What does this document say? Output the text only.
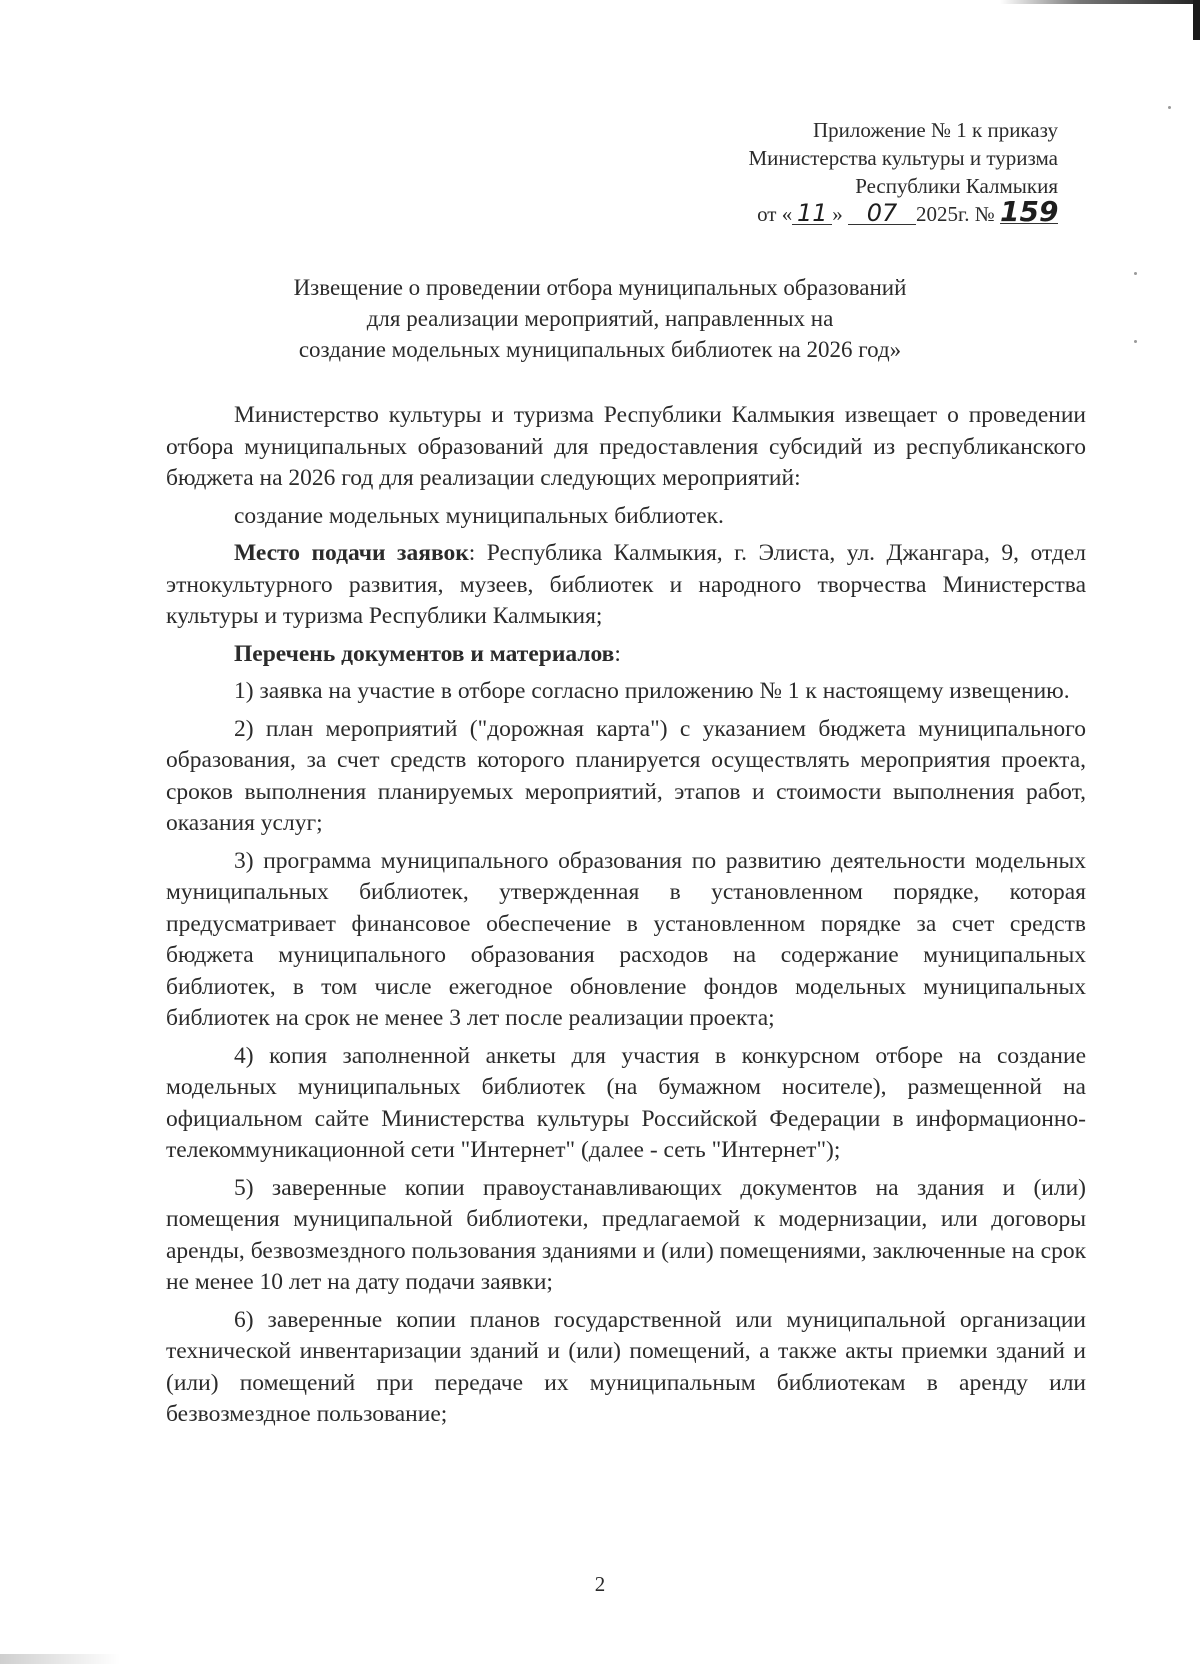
Приложение № 1 к приказу
Министерства культуры и туризма
Республики Калмыкия
от « 11 » 07 2025г. № 159
Извещение о проведении отбора муниципальных образований
для реализации мероприятий, направленных на
создание модельных муниципальных библиотек на 2026 год»

Министерство культуры и туризма Республики Калмыкия извещает о проведении отбора муниципальных образований для предоставления субсидий из республиканского бюджета на 2026 год для реализации следующих мероприятий:

создание модельных муниципальных библиотек.

Место подачи заявок: Республика Калмыкия, г. Элиста, ул. Джангара, 9, отдел этнокультурного развития, музеев, библиотек и народного творчества Министерства культуры и туризма Республики Калмыкия;

Перечень документов и материалов:

1) заявка на участие в отборе согласно приложению № 1 к настоящему извещению.

2) план мероприятий ("дорожная карта") с указанием бюджета муниципального образования, за счет средств которого планируется осуществлять мероприятия проекта, сроков выполнения планируемых мероприятий, этапов и стоимости выполнения работ, оказания услуг;

3) программа муниципального образования по развитию деятельности модельных муниципальных библиотек, утвержденная в установленном порядке, которая предусматривает финансовое обеспечение в установленном порядке за счет средств бюджета муниципального образования расходов на содержание муниципальных библиотек, в том числе ежегодное обновление фондов модельных муниципальных библиотек на срок не менее 3 лет после реализации проекта;

4) копия заполненной анкеты для участия в конкурсном отборе на создание модельных муниципальных библиотек (на бумажном носителе), размещенной на официальном сайте Министерства культуры Российской Федерации в информационно-телекоммуникационной сети "Интернет" (далее - сеть "Интернет");

5) заверенные копии правоустанавливающих документов на здания и (или) помещения муниципальной библиотеки, предлагаемой к модернизации, или договоры аренды, безвозмездного пользования зданиями и (или) помещениями, заключенные на срок не менее 10 лет на дату подачи заявки;

6) заверенные копии планов государственной или муниципальной организации технической инвентаризации зданий и (или) помещений, а также акты приемки зданий и (или) помещений при передаче их муниципальным библиотекам в аренду или безвозмездное пользование;

2
